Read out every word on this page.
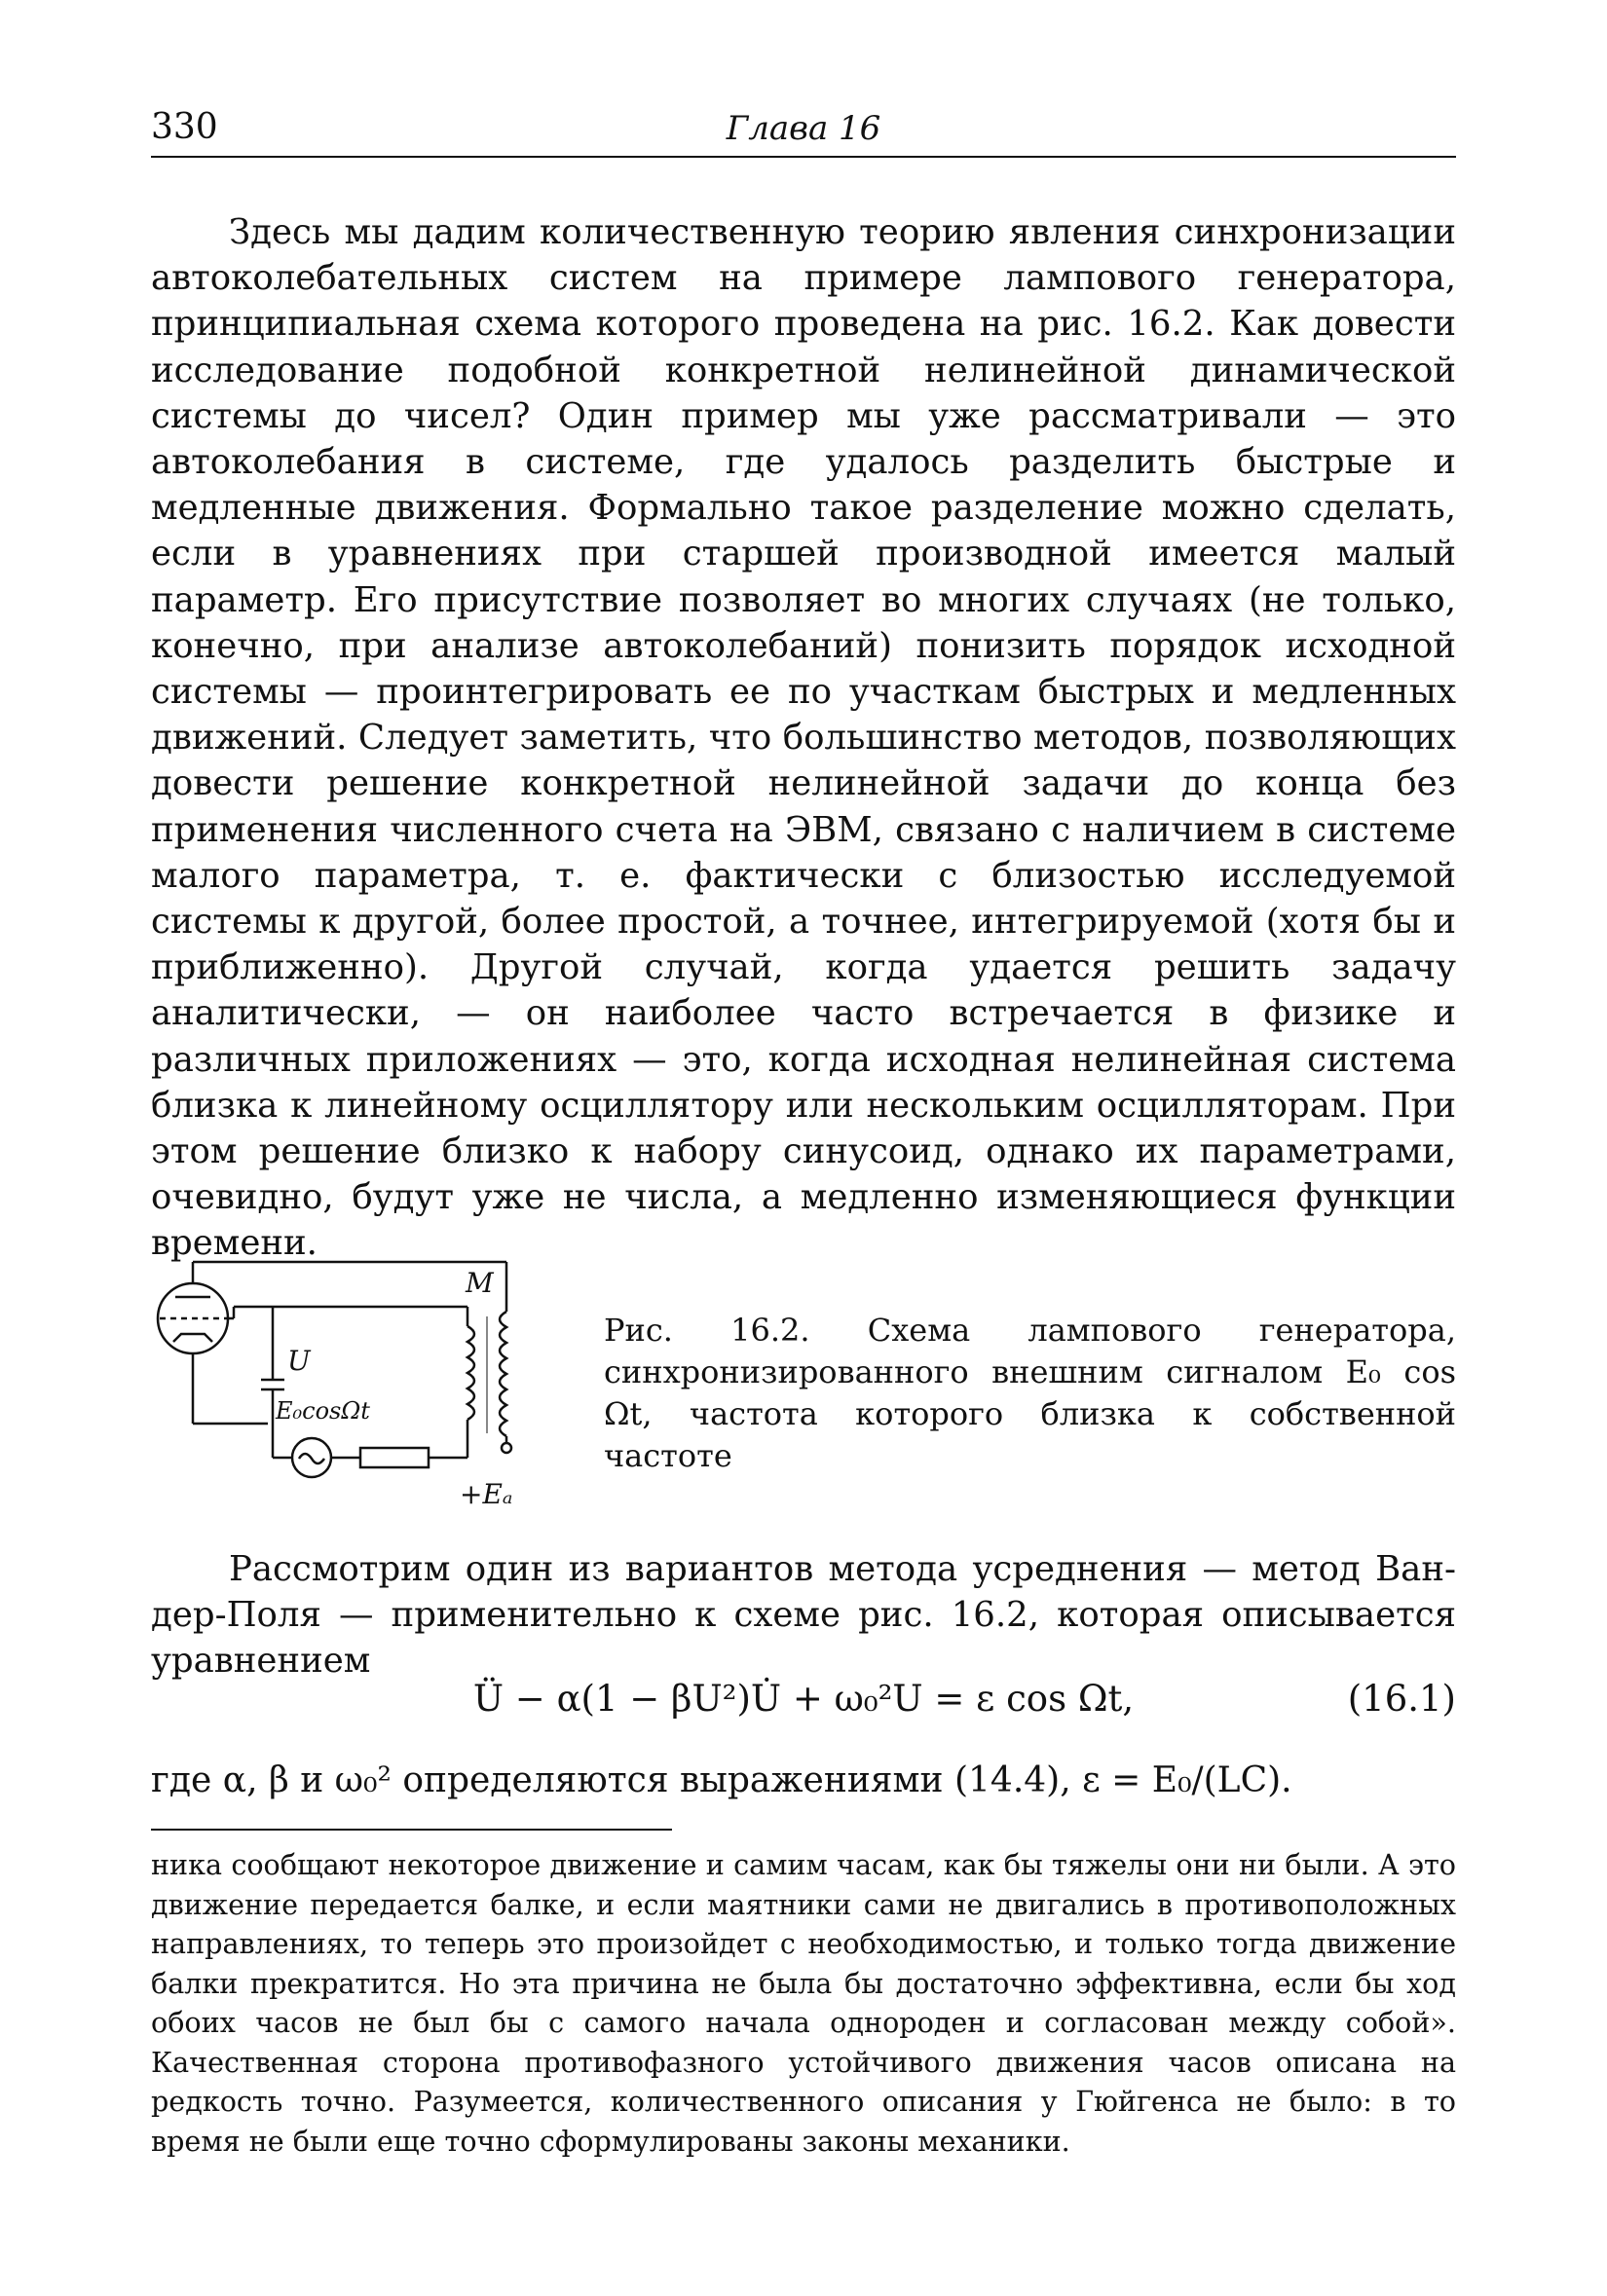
330	Глава 16

Здесь мы дадим количественную теорию явления синхронизации автоколебательных систем на примере лампового генератора, принципиальная схема которого проведена на рис. 16.2. Как довести исследование подобной конкретной нелинейной динамической системы до чисел? Один пример мы уже рассматривали — это автоколебания в системе, где удалось разделить быстрые и медленные движения. Формально такое разделение можно сделать, если в уравнениях при старшей производной имеется малый параметр. Его присутствие позволяет во многих случаях (не только, конечно, при анализе автоколебаний) понизить порядок исходной системы — проинтегрировать ее по участкам быстрых и медленных движений. Следует заметить, что большинство методов, позволяющих довести решение конкретной нелинейной задачи до конца без применения численного счета на ЭВМ, связано с наличием в системе малого параметра, т. е. фактически с близостью исследуемой системы к другой, более простой, а точнее, интегрируемой (хотя бы и приближенно). Другой случай, когда удается решить задачу аналитически, — он наиболее часто встречается в физике и различных приложениях — это, когда исходная нелинейная система близка к линейному осциллятору или нескольким осцилляторам. При этом решение близко к набору синусоид, однако их параметрами, очевидно, будут уже не числа, а медленно изменяющиеся функции времени.

M
U
E₀cosΩt
+Eₐ

Рис. 16.2. Схема лампового генератора, синхронизированного внешним сигналом E₀ cos Ωt, частота которого близка к собственной частоте

Рассмотрим один из вариантов метода усреднения — метод Ван-дер-Поля — применительно к схеме рис. 16.2, которая описывается уравнением

Ü − α(1 − βU²)U̇ + ω₀²U = ε cos Ωt,	(16.1)

где α, β и ω₀² определяются выражениями (14.4), ε = E₀/(LC).

ника сообщают некоторое движение и самим часам, как бы тяжелы они ни были. А это движение передается балке, и если маятники сами не двигались в противоположных направлениях, то теперь это произойдет с необходимостью, и только тогда движение балки прекратится. Но эта причина не была бы достаточно эффективна, если бы ход обоих часов не был бы с самого начала однороден и согласован между собой». Качественная сторона противофазного устойчивого движения часов описана на редкость точно. Разумеется, количественного описания у Гюйгенса не было: в то время не были еще точно сформулированы законы механики.
